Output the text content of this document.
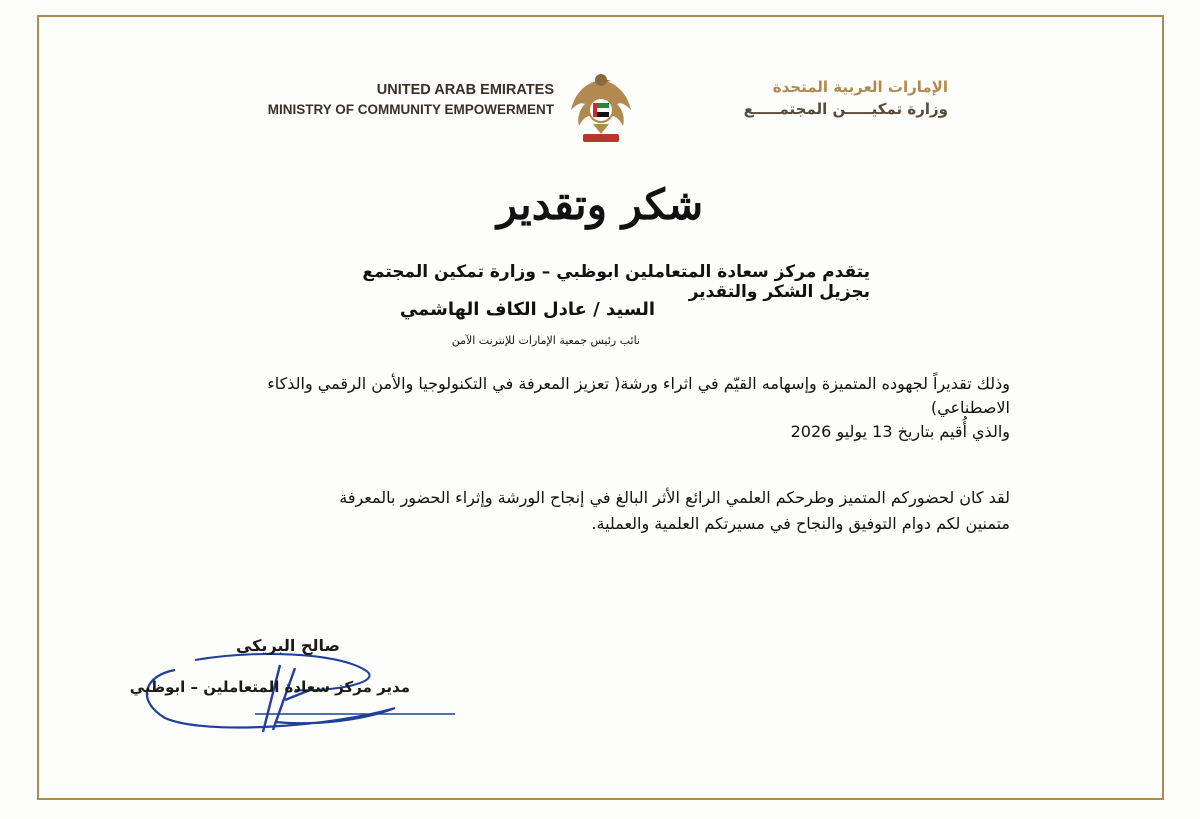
UNITED ARAB EMIRATES
MINISTRY OF COMMUNITY EMPOWERMENT
الإمارات العربية المتحدة
وزارة تمكيـــــن المجتمـــــع
شكر وتقدير
يتقدم مركز سعادة المتعاملين ابوظبي – وزارة تمكين المجتمع بجزيل الشكر والتقدير
السيد / عادل الكاف الهاشمي
نائب رئيس جمعية الإمارات للإنترنت الآمن
وذلك تقديراً لجهوده المتميزة وإسهامه القيّم في اثراء ورشة( تعزيز المعرفة في التكنولوجيا والأمن الرقمي والذكاء الاصطناعي)
والذي أُقيم بتاريخ 13 يوليو 2026
لقد كان لحضوركم المتميز وطرحكم العلمي الرائع الأثر البالغ في إنجاح الورشة وإثراء الحضور بالمعرفة
متمنين لكم دوام التوفيق والنجاح في مسيرتكم العلمية والعملية.
صالح البريكي
مدير مركز سعادة المتعاملين – ابوظبي
